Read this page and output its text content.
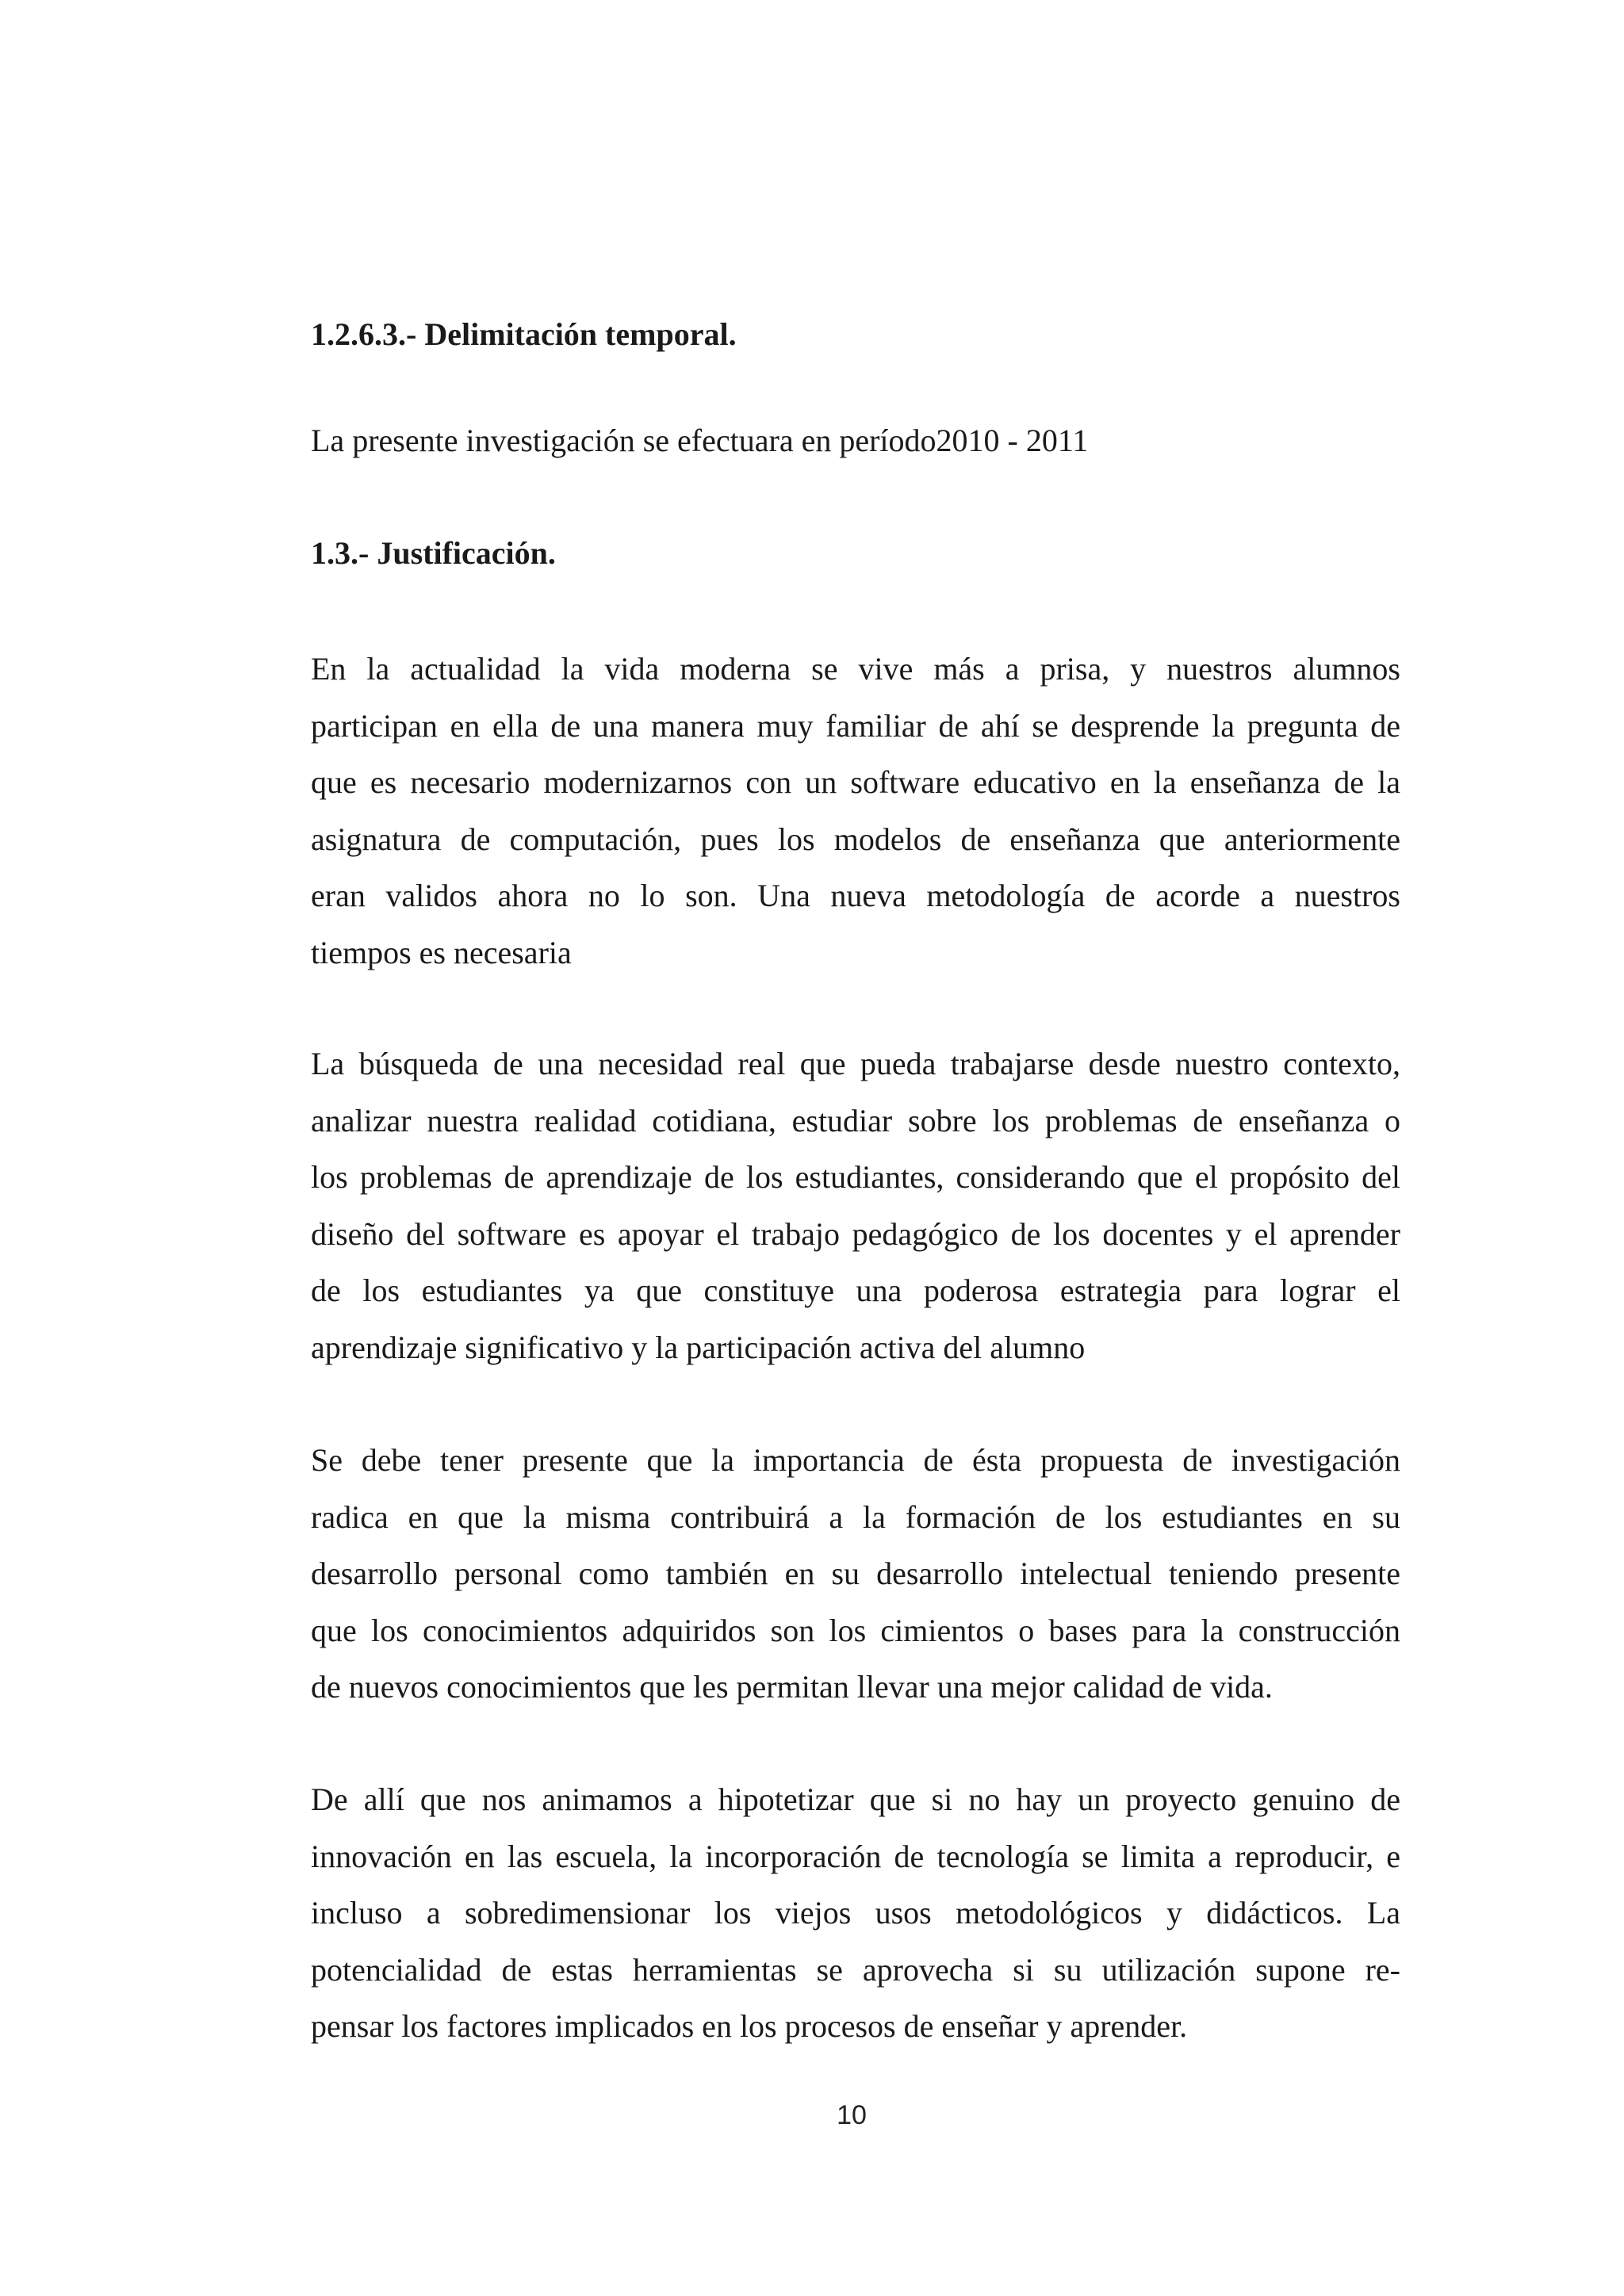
1.2.6.3.- Delimitación temporal.

La presente investigación se efectuara en período2010 - 2011

1.3.- Justificación.

En la actualidad la vida moderna se vive más a prisa, y nuestros alumnos
participan en ella de una manera muy familiar de ahí se desprende la pregunta de
que es necesario modernizarnos con un software educativo en la enseñanza de la
asignatura de computación, pues los modelos de enseñanza que anteriormente
eran validos ahora no lo son. Una nueva metodología de acorde a nuestros
tiempos es necesaria

La búsqueda de una necesidad real que pueda trabajarse desde nuestro contexto,
analizar nuestra realidad cotidiana, estudiar sobre los problemas de enseñanza o
los problemas de aprendizaje de los estudiantes, considerando que el propósito del
diseño del software es apoyar el trabajo pedagógico de los docentes y el aprender
de los estudiantes ya que constituye una poderosa estrategia para lograr el
aprendizaje significativo y la participación activa del alumno

Se debe tener presente que la importancia de ésta propuesta de investigación
radica en que la misma contribuirá a la formación de los estudiantes en su
desarrollo personal como también en su desarrollo intelectual teniendo presente
que los conocimientos adquiridos son los cimientos o bases para la construcción
de nuevos conocimientos que les permitan llevar una mejor calidad de vida.

De allí que nos animamos a hipotetizar que si no hay un proyecto genuino de
innovación en las escuela, la incorporación de tecnología se limita a reproducir, e
incluso a sobredimensionar los viejos usos metodológicos y didácticos. La
potencialidad de estas herramientas se aprovecha si su utilización supone re-
pensar los factores implicados en los procesos de enseñar y aprender.

10
